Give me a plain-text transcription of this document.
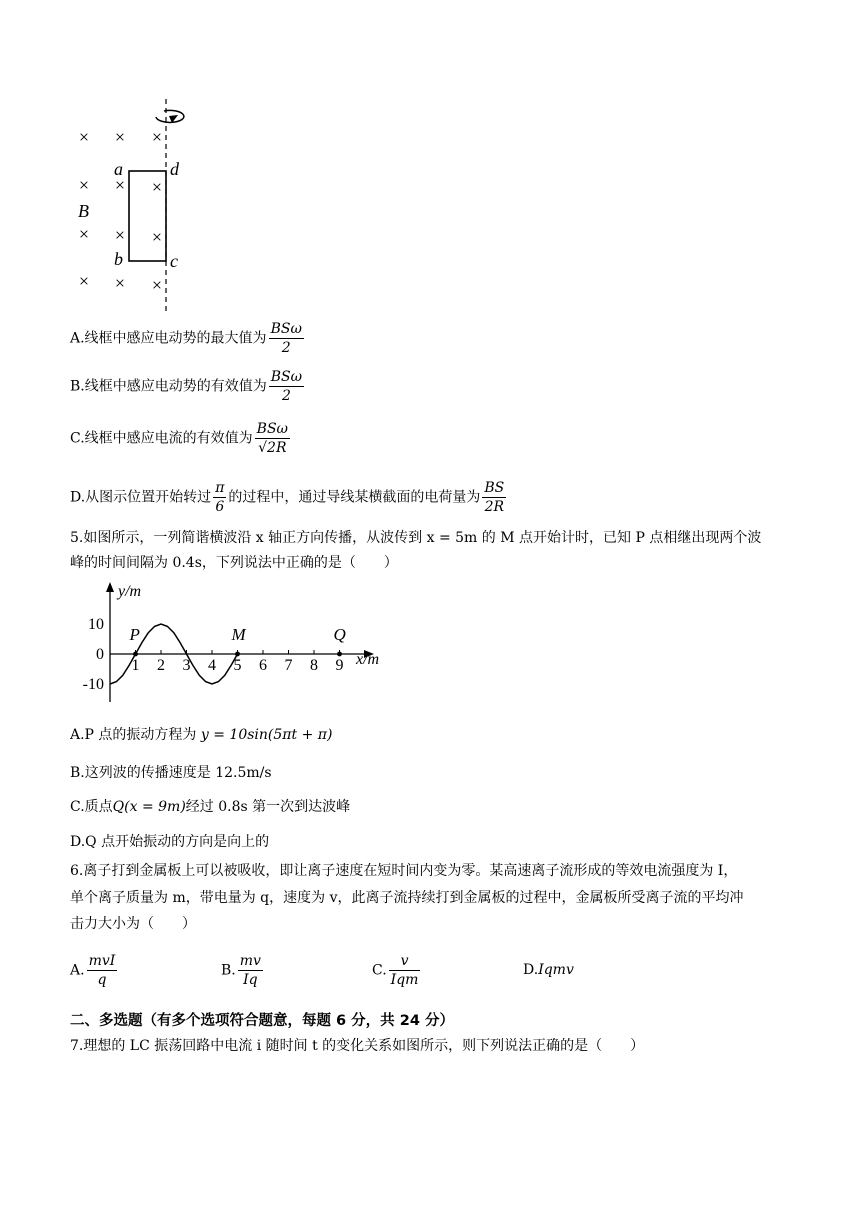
× × ×
× × ×
× × ×
× × ×
a	d
b	c
B
A.线框中感应电动势的最大值为 $\frac{\text{BSω}}{2}$
B.线框中感应电动势的有效值为 $\frac{\text{BSω}}{2}$
C.线框中感应电流的有效值为 $\frac{\text{BSω}}{√2R}$
D.从图示位置开始转过 $\frac{\pi}{6}$ 的过程中，通过导线某横截面的电荷量为 $\frac{BS}{2R}$
5.如图所示，一列简谐横波沿 x 轴正方向传播，从波传到 x = 5m 的 M 点开始计时，已知 P 点相继出现两个波
峰的时间间隔为 0.4s，下列说法中正确的是（　　）
y/m
x/m
10
0
-10
1 2 3 4 5 6 7 8 9
P	M	Q
A.P 点的振动方程为 y = 10sin(5πt + π)
B.这列波的传播速度是 12.5m/s
C.质点Q(x = 9m)经过 0.8s 第一次到达波峰
D.Q 点开始振动的方向是向上的
6.离子打到金属板上可以被吸收，即让离子速度在短时间内变为零。某高速离子流形成的等效电流强度为 I，
单个离子质量为 m，带电量为 q，速度为 v，此离子流持续打到金属板的过程中，金属板所受离子流的平均冲
击力大小为（　　）
A. $\frac{\text{mvI}}{q}$	B. $\frac{mv}{Iq}$	C. $\frac{v}{\text{Iqm}}$	D.Iqmv
二、多选题（有多个选项符合题意，每题 6 分，共 24 分）
7.理想的 LC 振荡回路中电流 i 随时间 t 的变化关系如图所示，则下列说法正确的是（　　）
